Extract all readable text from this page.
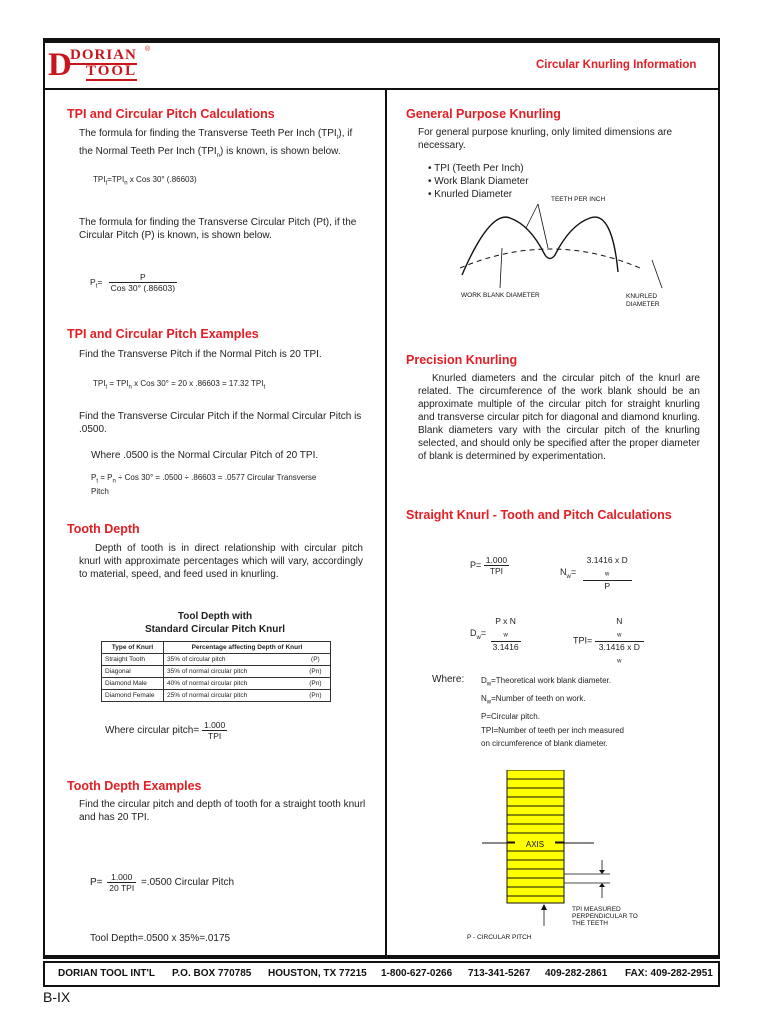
D
DORIAN
TOOL
®
Circular Knurling Information
TPI and Circular Pitch Calculations
The formula for finding the Transverse Teeth Per Inch $(TPI_t)$, if
the Normal Teeth Per Inch $(TPI_n)$ is known, is shown below.
$TPI_t=TPI_n$ x Cos 30° (.86603)
The formula for finding the Transverse Circular Pitch (Pt), if the Circular Pitch (P) is known, is shown below.
$P_t= \frac{P}{\text{Cos 30° (.86603)}}$
TPI and Circular Pitch Examples
Find the Transverse Pitch if the Normal Pitch is 20 TPI.
$TPI_t = TPI_n$ x Cos 30° = 20 x .86603 = 17.32 $TPI_t$
Find the Transverse Circular Pitch if the Normal Circular Pitch is .0500.
Where .0500 is the Normal Circular Pitch of 20 TPI.
$P_t = P_n$ ÷ Cos 30° = .0500 ÷ .86603 = .0577 Circular Transverse
Pitch
Tooth Depth
Depth of tooth is in direct relationship with circular pitch knurl with approximate percentages which will vary, accordingly to material, speed, and feed used in knurling.
Tool Depth with
Standard Circular Pitch Knurl
Type of Knurl	Percentage affecting Depth of Knurl	
Straight Tooth	35% of circular pitch	(P)
Diagonal	35% of normal circular pitch	(Pn)
Diamond Male	40% of normal circular pitch	(Pn)
Diamond Female	25% of normal circular pitch	(Pn)
Where circular pitch= $\frac{1.000}{\text{TPI}}$
Tooth Depth Examples
Find the circular pitch and depth of tooth for a straight tooth knurl and has 20 TPI.
$P= \frac{1.000}{\text{20 TPI}} =.0500$ Circular Pitch
Tool Depth=.0500 x 35%=.0175
General Purpose Knurling
For general purpose knurling, only limited dimensions are necessary.
• TPI (Teeth Per Inch)
• Work Blank Diameter
• Knurled Diameter	TEETH PER INCH
WORK BLANK DIAMETER	KNURLED
DIAMETER
Precision Knurling
Knurled diameters and the circular pitch of the knurl are related. The circumference of the work blank should be an approximate multiple of the circular pitch for straight knurling and transverse circular pitch for diagonal and diamond knurling. Blank diameters vary with the circular pitch of the knurling selected, and should only be specified after the proper diameter of blank is determined by experimentation.
Straight Knurl - Tooth and Pitch Calculations
$P= \frac{1.000}{\text{TPI}}$	$N_w= 3.1416$ x D
$_w$
P
$D_w= P$ x N
$_w$
3.1416	TPI= N
$_w$
3.1416 x D
$_w$
Where: $D_w=Theoretical$ work blank diameter.
$N_w=Number$ of teeth on work.
P=Circular pitch.
TPI=Number of teeth per inch measured
on circumference of blank diameter.
AXIS
TPI MEASURED
PERPENDICULAR TO
THE TEETH
P - CIRCULAR PITCH
DORIAN TOOL INT'L P.O. BOX 770785 HOUSTON, TX 77215 1-800-627-0266 713-341-5267 409-282-2861 FAX: 409-282-2951
B-IX
